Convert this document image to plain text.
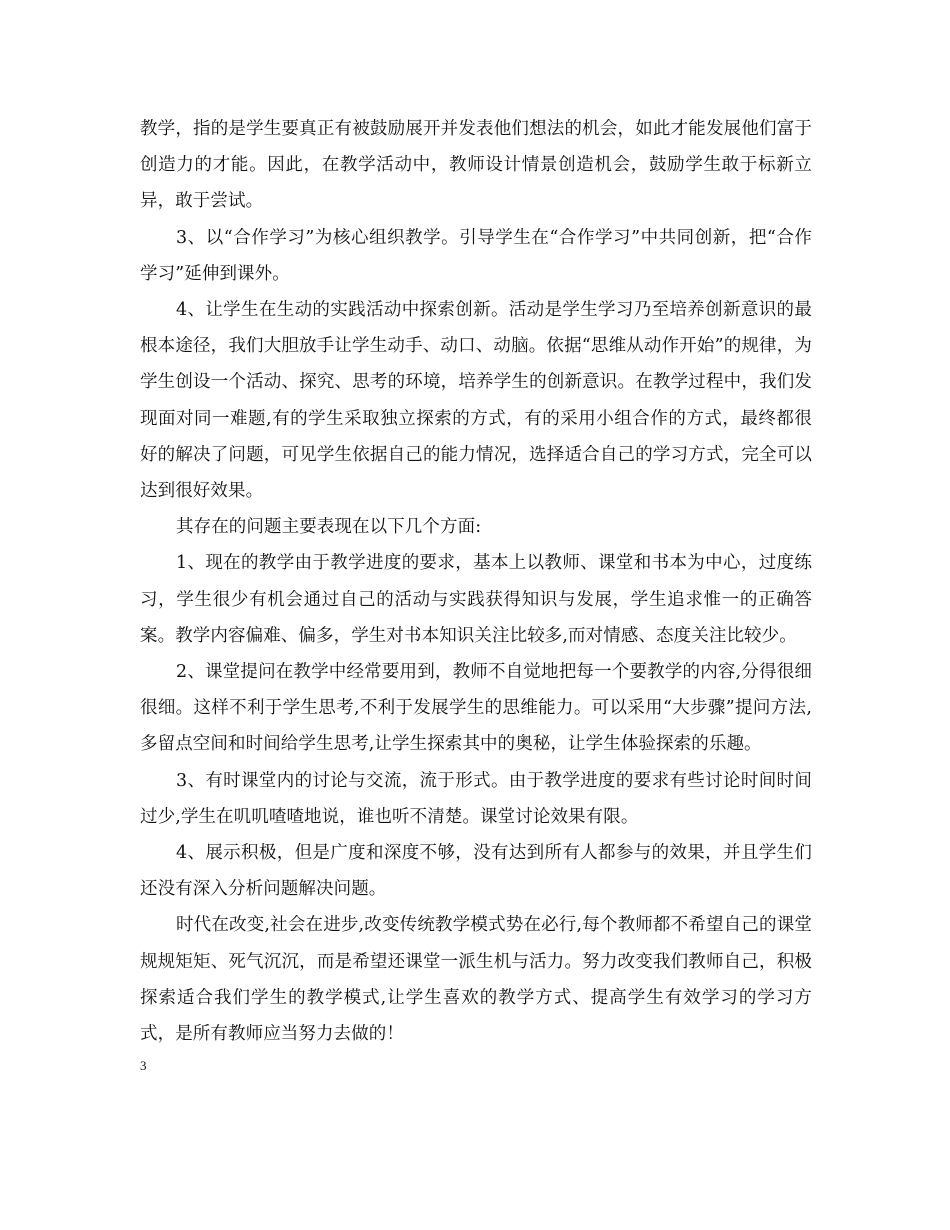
教学，指的是学生要真正有被鼓励展开并发表他们想法的机会，如此才能发展他们富于创造力的才能。因此，在教学活动中，教师设计情景创造机会，鼓励学生敢于标新立异，敢于尝试。

3、以“合作学习”为核心组织教学。引导学生在“合作学习”中共同创新，把“合作学习”延伸到课外。

4、让学生在生动的实践活动中探索创新。活动是学生学习乃至培养创新意识的最根本途径，我们大胆放手让学生动手、动口、动脑。依据“思维从动作开始”的规律，为学生创设一个活动、探究、思考的环境，培养学生的创新意识。在教学过程中，我们发现面对同一难题,有的学生采取独立探索的方式，有的采用小组合作的方式，最终都很好的解决了问题，可见学生依据自己的能力情况，选择适合自己的学习方式，完全可以达到很好效果。

其存在的问题主要表现在以下几个方面:

1、现在的教学由于教学进度的要求，基本上以教师、课堂和书本为中心，过度练习，学生很少有机会通过自己的活动与实践获得知识与发展，学生追求惟一的正确答案。教学内容偏难、偏多，学生对书本知识关注比较多,而对情感、态度关注比较少。

2、课堂提问在教学中经常要用到，教师不自觉地把每一个要教学的内容,分得很细很细。这样不利于学生思考,不利于发展学生的思维能力。可以采用“大步骤”提问方法,多留点空间和时间给学生思考,让学生探索其中的奥秘，让学生体验探索的乐趣。

3、有时课堂内的讨论与交流，流于形式。由于教学进度的要求有些讨论时间时间过少,学生在叽叽喳喳地说，谁也听不清楚。课堂讨论效果有限。

4、展示积极，但是广度和深度不够，没有达到所有人都参与的效果，并且学生们还没有深入分析问题解决问题。

时代在改变,社会在进步,改变传统教学模式势在必行,每个教师都不希望自己的课堂规规矩矩、死气沉沉，而是希望还课堂一派生机与活力。努力改变我们教师自己，积极探索适合我们学生的教学模式,让学生喜欢的教学方式、提高学生有效学习的学习方式，是所有教师应当努力去做的！

3
